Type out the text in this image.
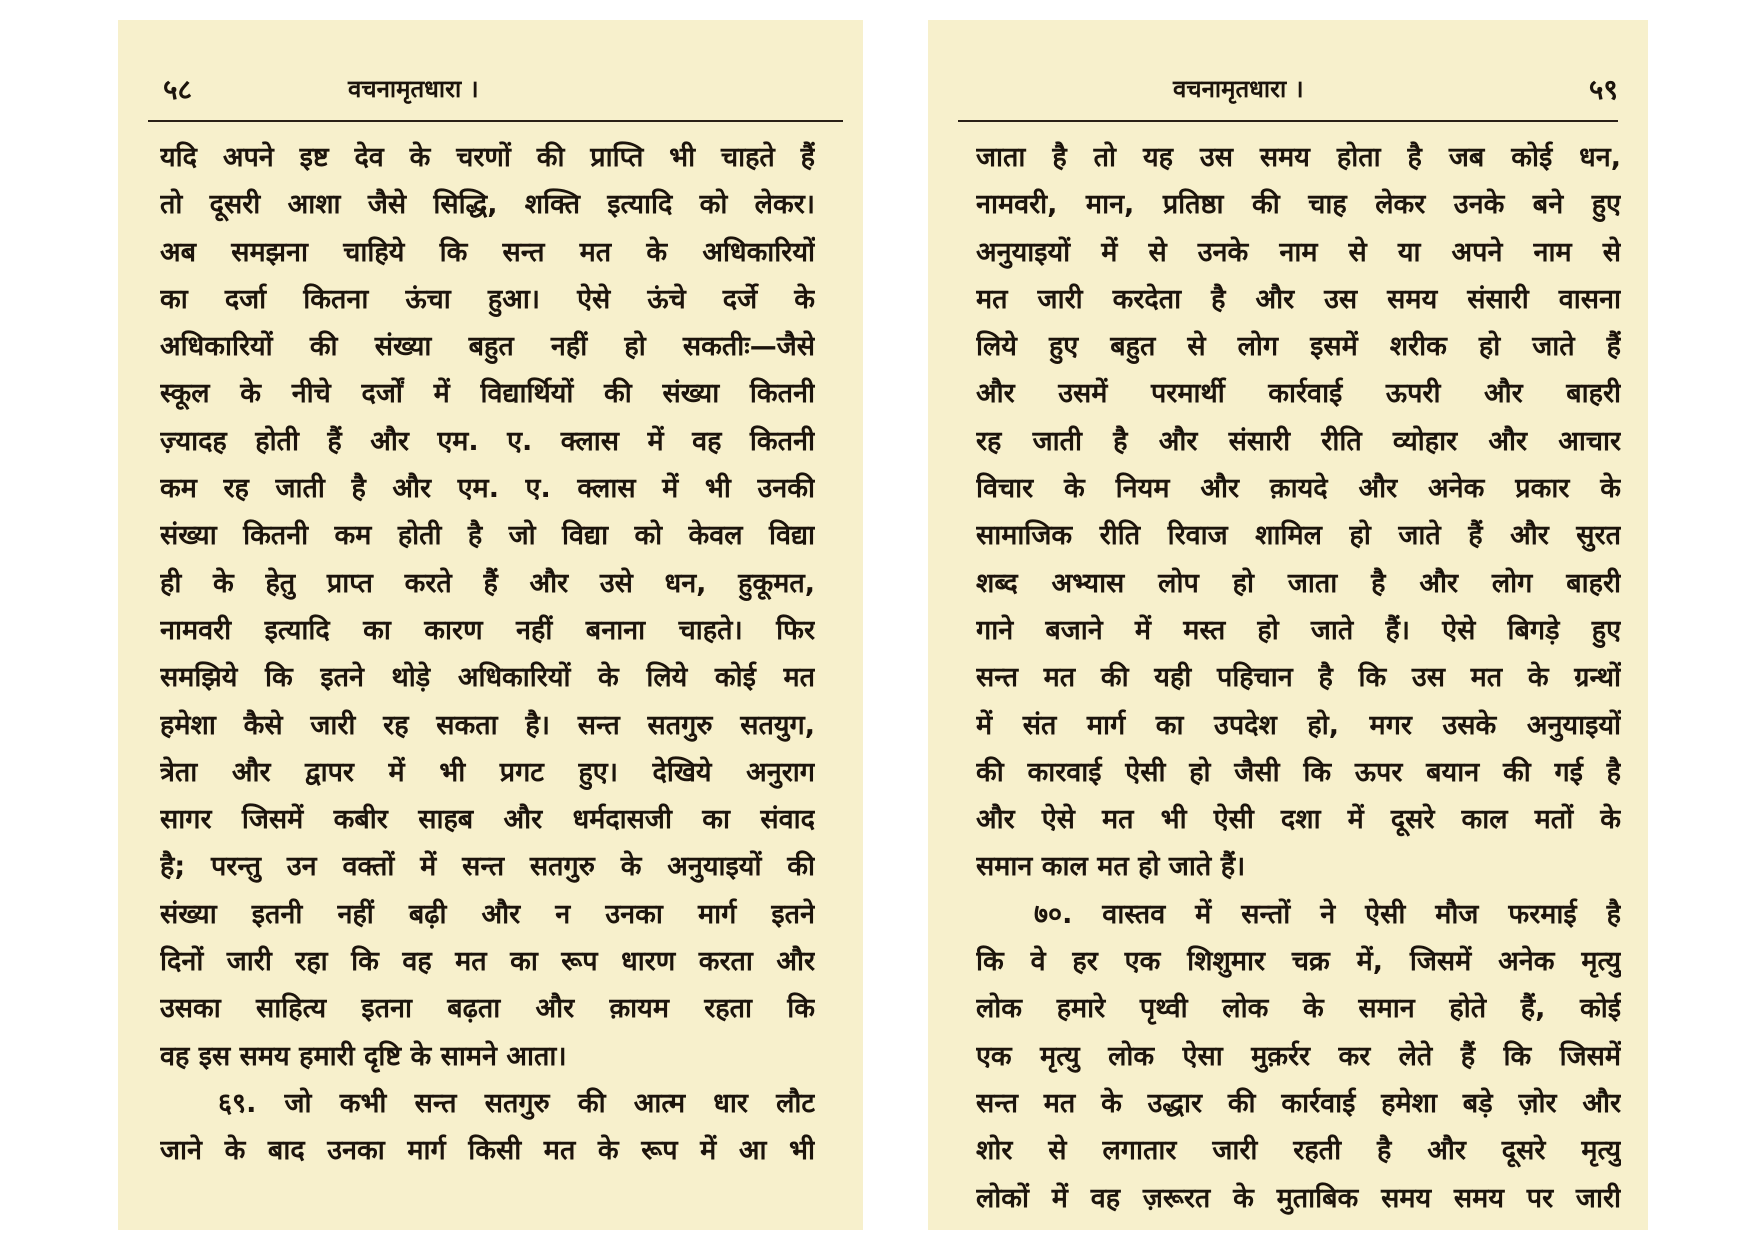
५८	वचनामृतधारा ।
यदि अपने इष्ट देव के चरणों की प्राप्ति भी चाहते हैं
तो दूसरी आशा जैसे सिद्धि, शक्ति इत्यादि को लेकर।
अब समझना चाहिये कि सन्त मत के अधिकारियों
का दर्जा कितना ऊंचा हुआ। ऐसे ऊंचे दर्जे के
अधिकारियों की संख्या बहुत नहीं हो सकतीः—जैसे
स्कूल के नीचे दर्जों में विद्यार्थियों की संख्या कितनी
ज़्यादह होती हैं और एम. ए. क्लास में वह कितनी
कम रह जाती है और एम. ए. क्लास में भी उनकी
संख्या कितनी कम होती है जो विद्या को केवल विद्या
ही के हेतु प्राप्त करते हैं और उसे धन, हुकूमत,
नामवरी इत्यादि का कारण नहीं बनाना चाहते। फिर
समझिये कि इतने थोड़े अधिकारियों के लिये कोई मत
हमेशा कैसे जारी रह सकता है। सन्त सतगुरु सतयुग,
त्रेता और द्वापर में भी प्रगट हुए। देखिये अनुराग
सागर जिसमें कबीर साहब और धर्मदासजी का संवाद
है; परन्तु उन वक्तों में सन्त सतगुरु के अनुयाइयों की
संख्या इतनी नहीं बढ़ी और न उनका मार्ग इतने
दिनों जारी रहा कि वह मत का रूप धारण करता और
उसका साहित्य इतना बढ़ता और क़ायम रहता कि
वह इस समय हमारी दृष्टि के सामने आता।
६९. जो कभी सन्त सतगुरु की आत्म धार लौट
जाने के बाद उनका मार्ग किसी मत के रूप में आ भी
वचनामृतधारा ।	५९
जाता है तो यह उस समय होता है जब कोई धन,
नामवरी, मान, प्रतिष्ठा की चाह लेकर उनके बने हुए
अनुयाइयों में से उनके नाम से या अपने नाम से
मत जारी करदेता है और उस समय संसारी वासना
लिये हुए बहुत से लोग इसमें शरीक हो जाते हैं
और उसमें परमार्थी कार्रवाई ऊपरी और बाहरी
रह जाती है और संसारी रीति व्योहार और आचार
विचार के नियम और क़ायदे और अनेक प्रकार के
सामाजिक रीति रिवाज शामिल हो जाते हैं और सुरत
शब्द अभ्यास लोप हो जाता है और लोग बाहरी
गाने बजाने में मस्त हो जाते हैं। ऐसे बिगड़े हुए
सन्त मत की यही पहिचान है कि उस मत के ग्रन्थों
में संत मार्ग का उपदेश हो, मगर उसके अनुयाइयों
की कारवाई ऐसी हो जैसी कि ऊपर बयान की गई है
और ऐसे मत भी ऐसी दशा में दूसरे काल मतों के
समान काल मत हो जाते हैं।
७०. वास्तव में सन्तों ने ऐसी मौज फरमाई है
कि वे हर एक शिशुमार चक्र में, जिसमें अनेक मृत्यु
लोक हमारे पृथ्वी लोक के समान होते हैं, कोई
एक मृत्यु लोक ऐसा मुक़र्रर कर लेते हैं कि जिसमें
सन्त मत के उद्धार की कार्रवाई हमेशा बड़े ज़ोर और
शोर से लगातार जारी रहती है और दूसरे मृत्यु
लोकों में वह ज़रूरत के मुताबिक समय समय पर जारी
